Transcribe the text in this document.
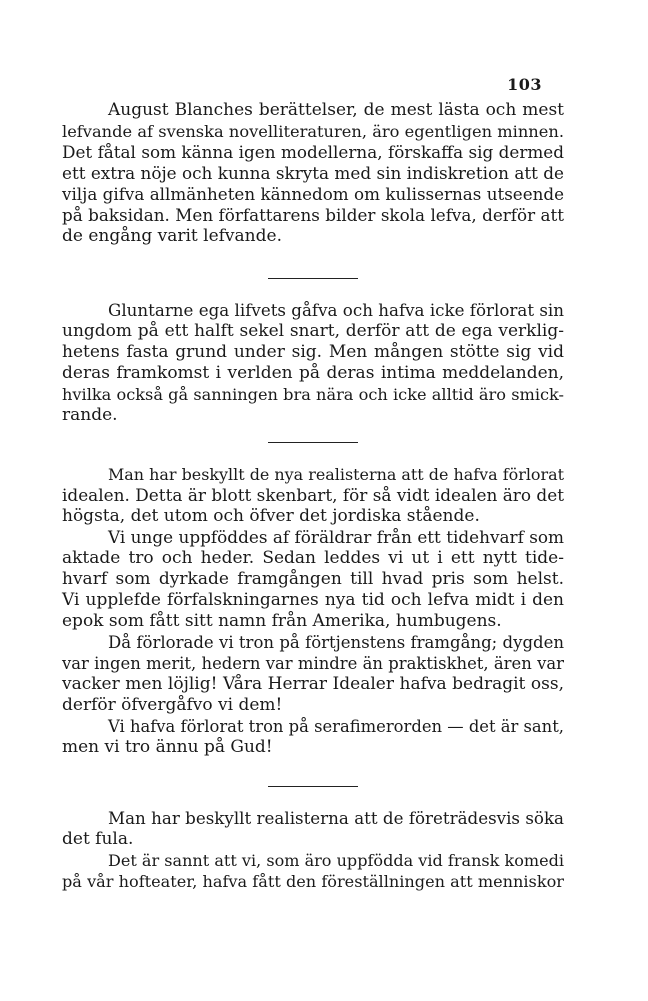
103
August Blanches berättelser, de mest lästa och mest
lefvande af svenska novelliteraturen, äro egentligen minnen.
Det fåtal som känna igen modellerna, förskaffa sig dermed
ett extra nöje och kunna skryta med sin indiskretion att de
vilja gifva allmänheten kännedom om kulissernas utseende
på baksidan. Men författarens bilder skola lefva, derför att
de engång varit lefvande.
Gluntarne ega lifvets gåfva och hafva icke förlorat sin
ungdom på ett halft sekel snart, derför att de ega verklig-
hetens fasta grund under sig. Men mången stötte sig vid
deras framkomst i verlden på deras intima meddelanden,
hvilka också gå sanningen bra nära och icke alltid äro smick-
rande.
Man har beskyllt de nya realisterna att de hafva förlorat
idealen. Detta är blott skenbart, för så vidt idealen äro det
högsta, det utom och öfver det jordiska stående.
Vi unge uppföddes af föräldrar från ett tidehvarf som
aktade tro och heder. Sedan leddes vi ut i ett nytt tide-
hvarf som dyrkade framgången till hvad pris som helst.
Vi upplefde förfalskningarnes nya tid och lefva midt i den
epok som fått sitt namn från Amerika, humbugens.
Då förlorade vi tron på förtjenstens framgång; dygden
var ingen merit, hedern var mindre än praktiskhet, ären var
vacker men löjlig! Våra Herrar Idealer hafva bedragit oss,
derför öfvergåfvo vi dem!
Vi hafva förlorat tron på serafimerorden — det är sant,
men vi tro ännu på Gud!
Man har beskyllt realisterna att de företrädesvis söka
det fula.
Det är sannt att vi, som äro uppfödda vid fransk komedi
på vår hofteater, hafva fått den föreställningen att menniskor
